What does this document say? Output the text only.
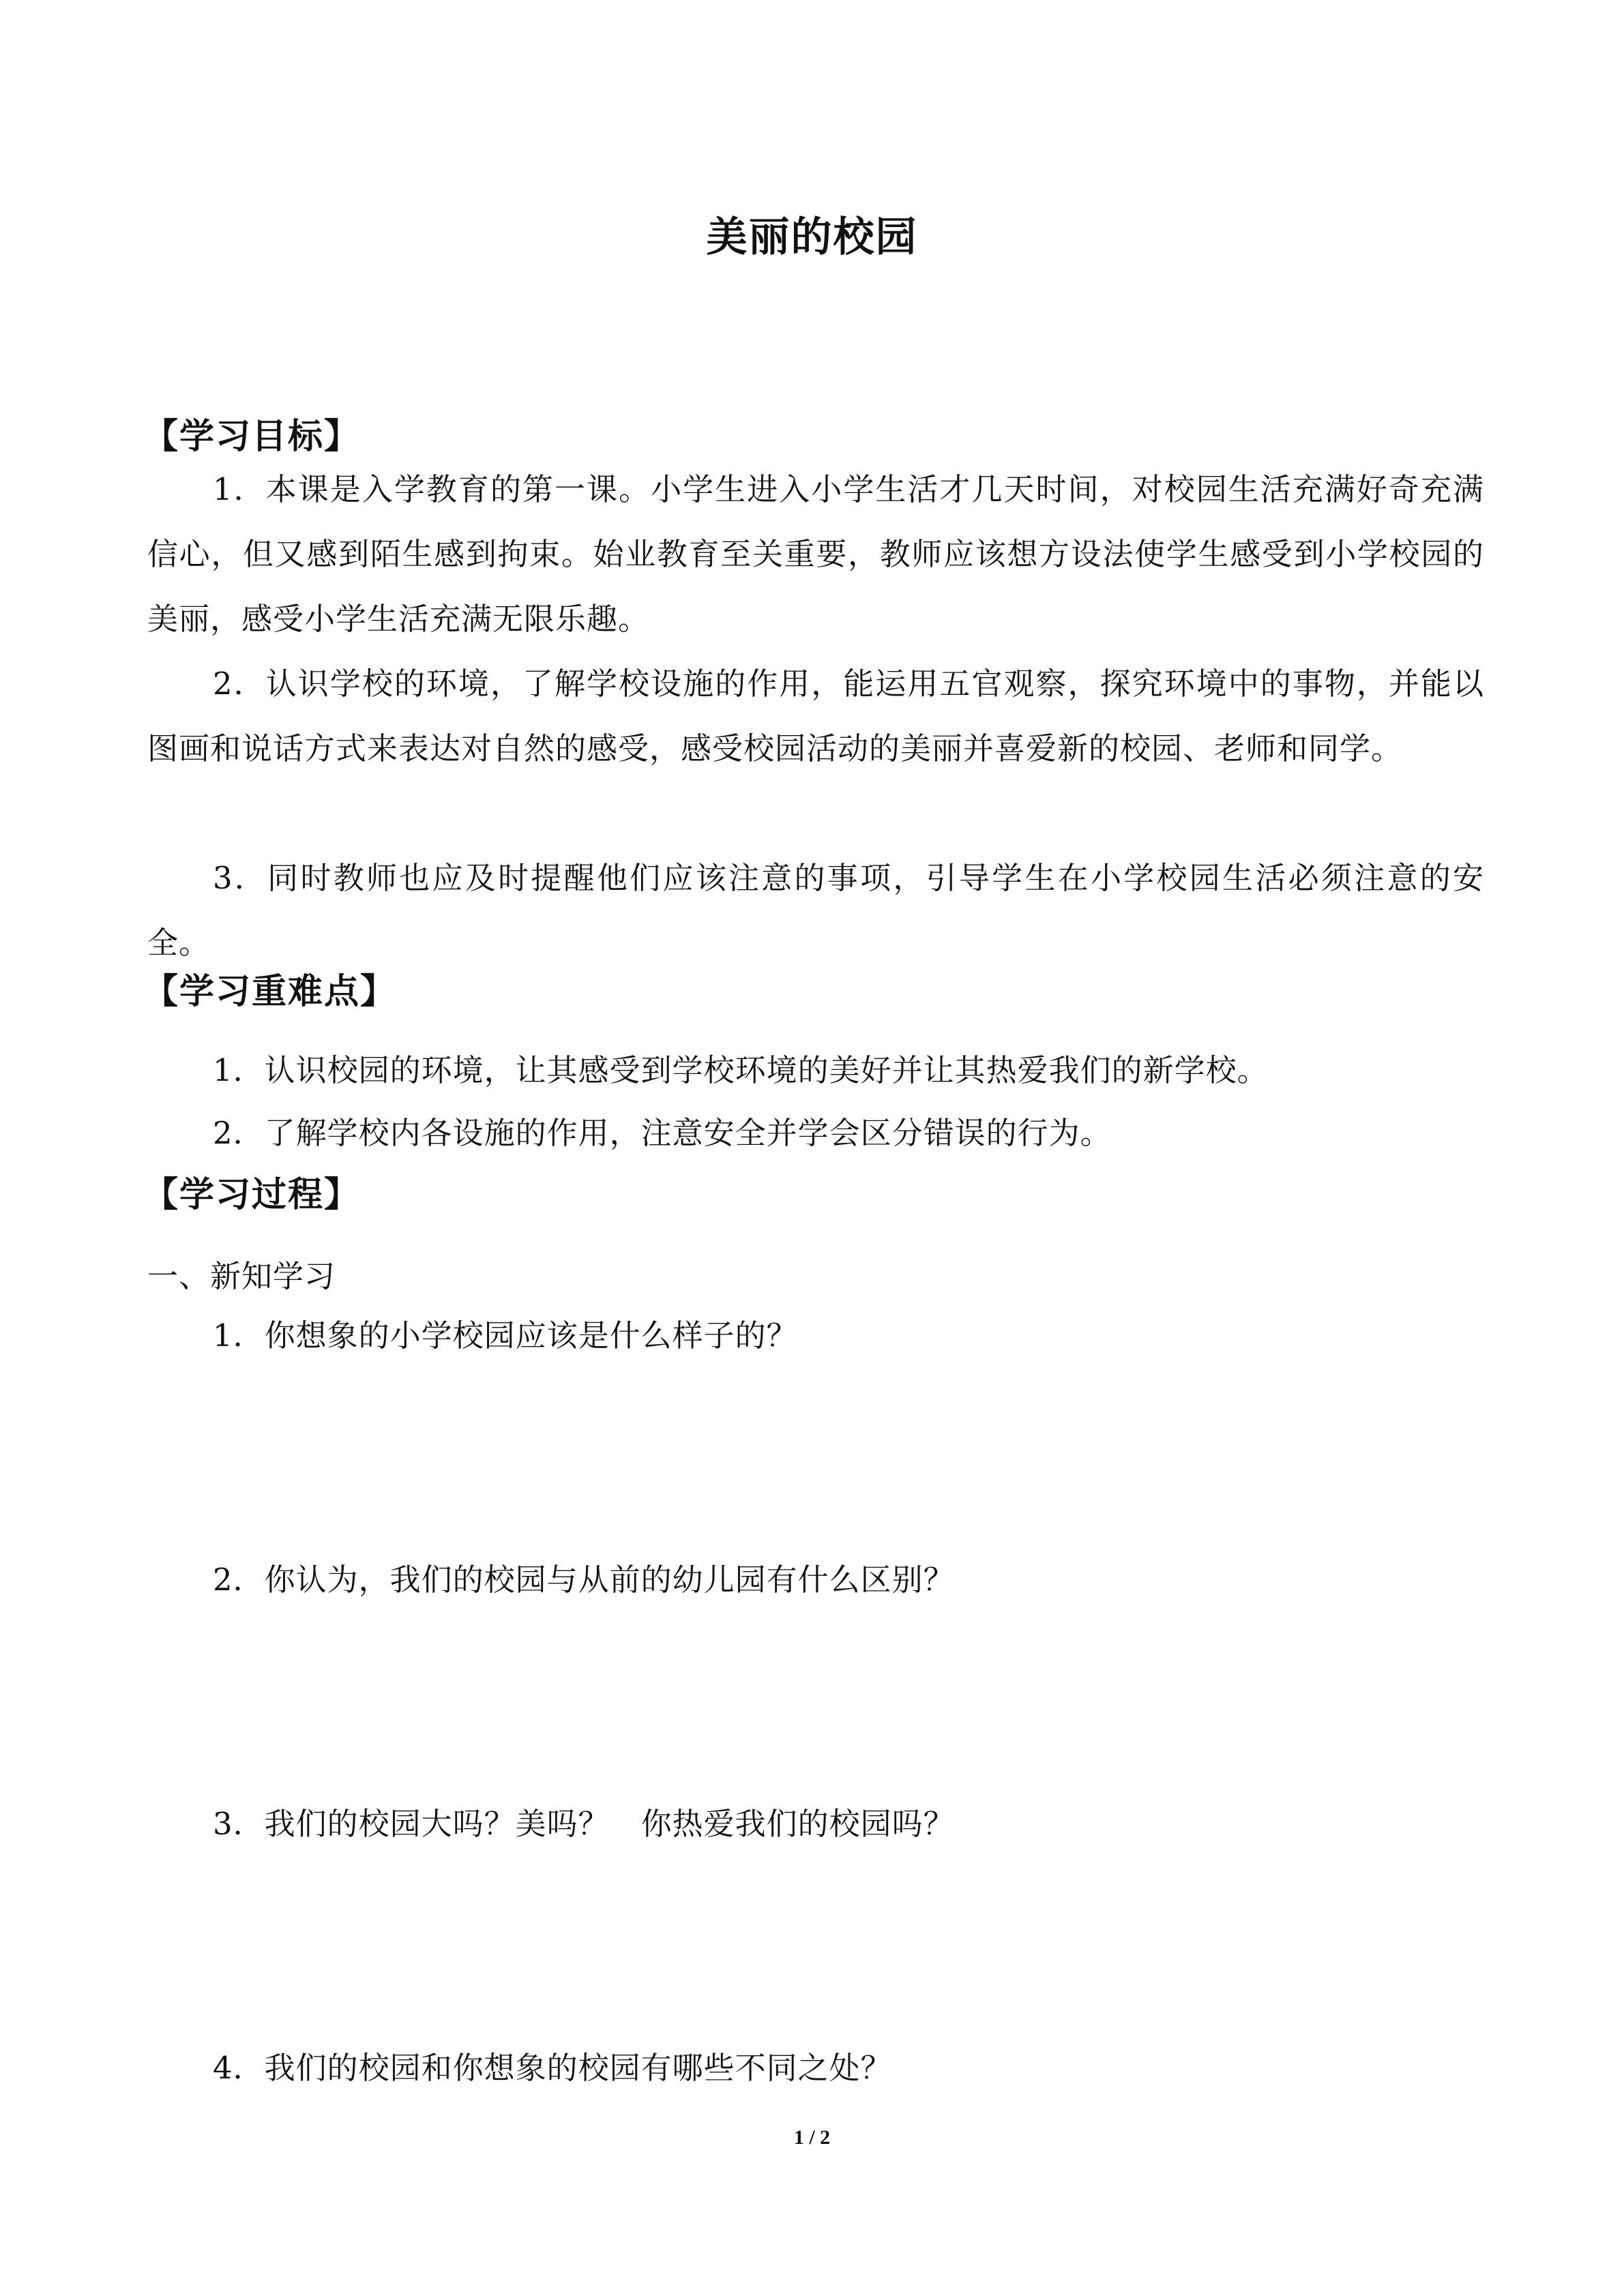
美丽的校园
【学习目标】
1．本课是入学教育的第一课。小学生进入小学生活才几天时间，对校园生活充满好奇充满信心，但又感到陌生感到拘束。始业教育至关重要，教师应该想方设法使学生感受到小学校园的美丽，感受小学生活充满无限乐趣。
2．认识学校的环境，了解学校设施的作用，能运用五官观察，探究环境中的事物，并能以图画和说话方式来表达对自然的感受，感受校园活动的美丽并喜爱新的校园、老师和同学。
3．同时教师也应及时提醒他们应该注意的事项，引导学生在小学校园生活必须注意的安全。
【学习重难点】
1．认识校园的环境，让其感受到学校环境的美好并让其热爱我们的新学校。
2．了解学校内各设施的作用，注意安全并学会区分错误的行为。
【学习过程】
一、新知学习
1．你想象的小学校园应该是什么样子的？
2．你认为，我们的校园与从前的幼儿园有什么区别？
3．我们的校园大吗？美吗？　你热爱我们的校园吗？
4．我们的校园和你想象的校园有哪些不同之处？
1 / 2
